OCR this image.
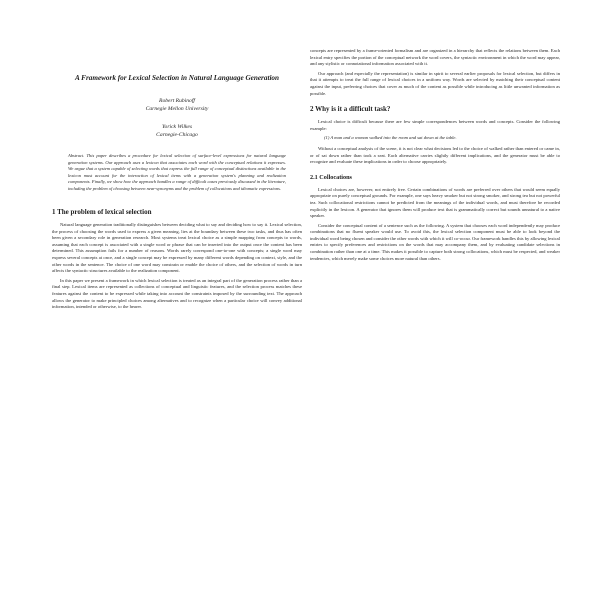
A Framework for Lexical Selection in Natural Language Generation
Robert Rubinoff
Carnegie Mellon University
Yorick Wilkes
Carnegie-Chicago
Abstract. This paper describes a procedure for lexical selection of surface-level expressions for natural language generation systems. Our approach uses a lexicon that associates each word with the conceptual relations it expresses. We argue that a system capable of selecting words that express the full range of conceptual distinctions available in the lexicon must account for the interaction of lexical items with a generation system's planning and realization components. Finally, we show how the approach handles a range of difficult cases previously discussed in the literature, including the problem of choosing between near-synonyms and the problem of collocations and idiomatic expressions.
1 The problem of lexical selection

Natural language generation traditionally distinguishes between deciding what to say and deciding how to say it. Lexical selection, the process of choosing the words used to express a given meaning, lies at the boundary between these two tasks, and thus has often been given a secondary role in generation research. Most systems treat lexical choice as a simple mapping from concepts to words, assuming that each concept is associated with a single word or phrase that can be inserted into the output once the content has been determined. This assumption fails for a number of reasons. Words rarely correspond one-to-one with concepts; a single word may express several concepts at once, and a single concept may be expressed by many different words depending on context, style, and the other words in the sentence. The choice of one word may constrain or enable the choice of others, and the selection of words in turn affects the syntactic structures available to the realization component.

In this paper we present a framework in which lexical selection is treated as an integral part of the generation process rather than a final step. Lexical items are represented as collections of conceptual and linguistic features, and the selection process matches these features against the content to be expressed while taking into account the constraints imposed by the surrounding text. The approach allows the generator to make principled choices among alternatives and to recognize when a particular choice will convey additional information, intended or otherwise, to the hearer.

concepts are represented by a frame-oriented formalism and are organized in a hierarchy that reflects the relations between them. Each lexical entry specifies the portion of the conceptual network the word covers, the syntactic environment in which the word may appear, and any stylistic or connotational information associated with it.

Our approach (and especially the representation) is similar in spirit to several earlier proposals for lexical selection, but differs in that it attempts to treat the full range of lexical choices in a uniform way. Words are selected by matching their conceptual content against the input, preferring choices that cover as much of the content as possible while introducing as little unwanted information as possible.

2 Why is it a difficult task?

Lexical choice is difficult because there are few simple correspondences between words and concepts. Consider the following example:

(1) A man and a woman walked into the room and sat down at the table.

Without a conceptual analysis of the scene, it is not clear what decisions led to the choice of walked rather than entered or came in, or of sat down rather than took a seat. Each alternative carries slightly different implications, and the generator must be able to recognize and evaluate these implications in order to choose appropriately.

2.1 Collocations

Lexical choices are, however, not entirely free. Certain combinations of words are preferred over others that would seem equally appropriate on purely conceptual grounds. For example, one says heavy smoker but not strong smoker, and strong tea but not powerful tea. Such collocational restrictions cannot be predicted from the meanings of the individual words, and must therefore be recorded explicitly in the lexicon. A generator that ignores them will produce text that is grammatically correct but sounds unnatural to a native speaker.

Consider the conceptual content of a sentence such as the following. A system that chooses each word independently may produce combinations that no fluent speaker would use. To avoid this, the lexical selection component must be able to look beyond the individual word being chosen and consider the other words with which it will co-occur. Our framework handles this by allowing lexical entries to specify preferences and restrictions on the words that may accompany them, and by evaluating candidate selections in combination rather than one at a time. This makes it possible to capture both strong collocations, which must be respected, and weaker tendencies, which merely make some choices more natural than others.
